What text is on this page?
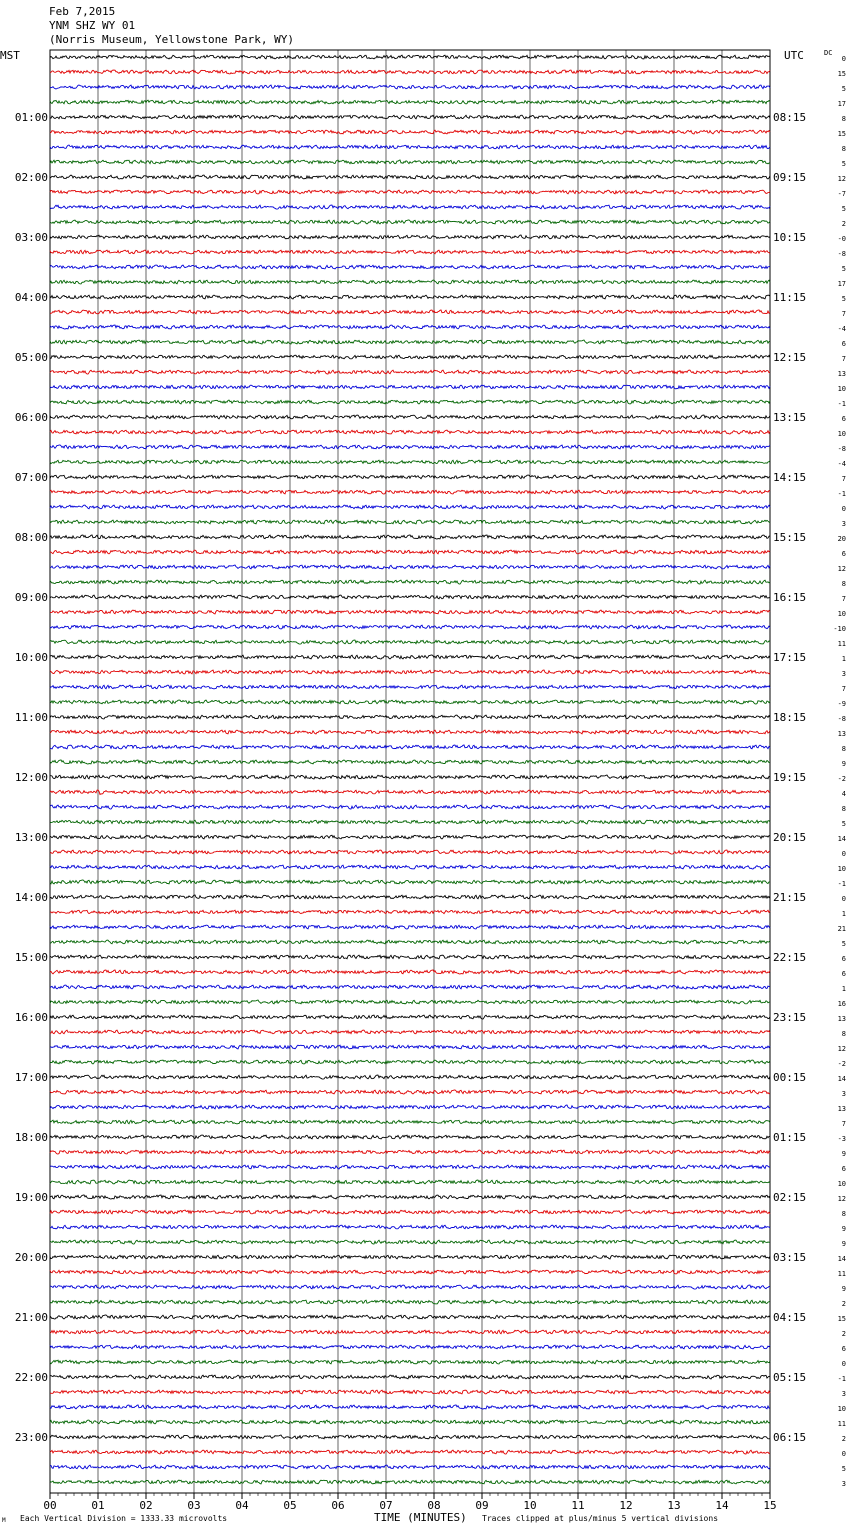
Feb 7,2015
YNM SHZ WY 01
(Norris Museum, Yellowstone Park, WY)
MST	UTC	DC
00	01	02	03	04	05	06	07	08	09	10	11	12	13	14	15
0
15
5
17
8
15
8
5
12
-7
5
2
-0
-8
5
17
5
7
-4
6
7
13
10
-1
6
10
-8
-4
7
-1
0
3
20
6
12
8
7
10
-10
11
1
3
7
-9
-8
13
8
9
-2
4
8
5
14
0
10
-1
0
1
21
5
6
6
1
16
13
8
12
-2
14
3
13
7
-3
9
6
10
12
8
9
9
14
11
9
2
15
2
6
0
-1
3
10
11
2
0
5
3
01:00	08:15
02:00	09:15
03:00	10:15
04:00	11:15
05:00	12:15
06:00	13:15
07:00	14:15
08:00	15:15
09:00	16:15
10:00	17:15
11:00	18:15
12:00	19:15
13:00	20:15
14:00	21:15
15:00	22:15
16:00	23:15
17:00	00:15
18:00	01:15
19:00	02:15
20:00	03:15
21:00	04:15
22:00	05:15
23:00	06:15
Each Vertical Division = 1333.33 microvolts	TIME (MINUTES) Traces clipped at plus/minus 5 vertical divisions
M
